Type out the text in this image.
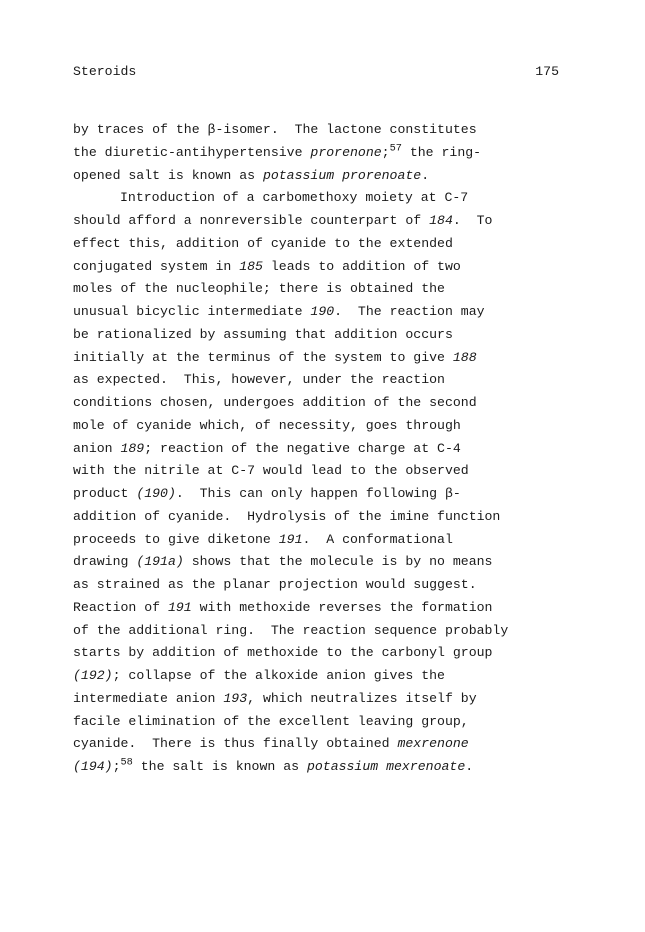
Steroids	175
by traces of the β-isomer.  The lactone constitutes
the diuretic-antihypertensive prorenone;$^{57}$ the ring-
opened salt is known as potassium prorenoate.
Introduction of a carbomethoxy moiety at C-7
should afford a nonreversible counterpart of 184.  To
effect this, addition of cyanide to the extended
conjugated system in 185 leads to addition of two
moles of the nucleophile; there is obtained the
unusual bicyclic intermediate 190.  The reaction may
be rationalized by assuming that addition occurs
initially at the terminus of the system to give 188
as expected.  This, however, under the reaction
conditions chosen, undergoes addition of the second
mole of cyanide which, of necessity, goes through
anion 189; reaction of the negative charge at C-4
with the nitrile at C-7 would lead to the observed
product (190).  This can only happen following β-
addition of cyanide.  Hydrolysis of the imine function
proceeds to give diketone 191.  A conformational
drawing (191a) shows that the molecule is by no means
as strained as the planar projection would suggest.
Reaction of 191 with methoxide reverses the formation
of the additional ring.  The reaction sequence probably
starts by addition of methoxide to the carbonyl group
(192); collapse of the alkoxide anion gives the
intermediate anion 193, which neutralizes itself by
facile elimination of the excellent leaving group,
cyanide.  There is thus finally obtained mexrenone
(194);$^{58}$ the salt is known as potassium mexrenoate.
